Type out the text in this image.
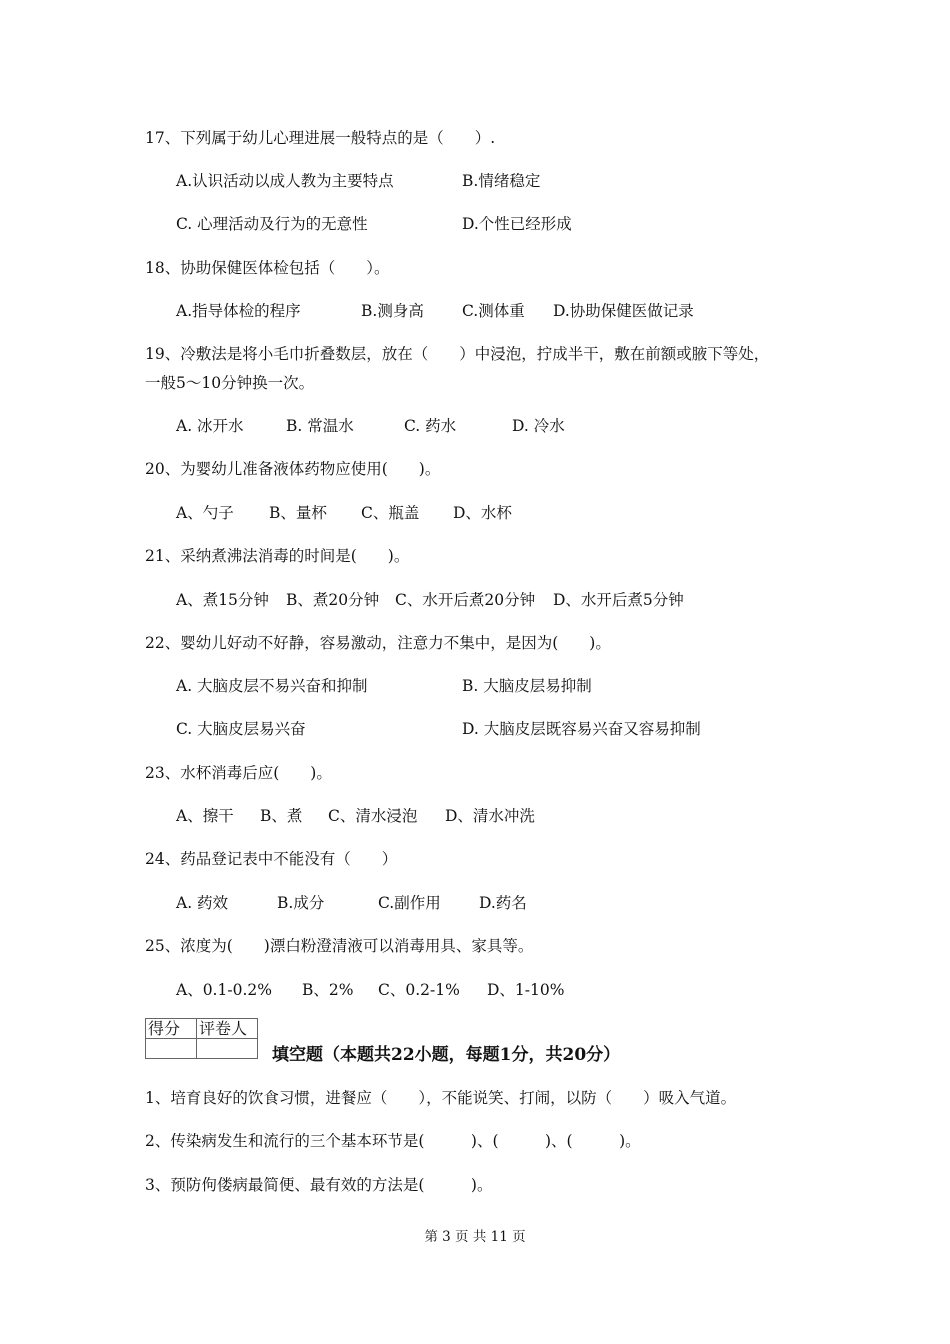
17、下列属于幼儿心理进展一般特点的是（　　）.
A.认识活动以成人教为主要特点	B.情绪稳定
C. 心理活动及行为的无意性	D.个性已经形成
18、协助保健医体检包括（　　）。
A.指导体检的程序	B.测身高 C.测体重 D.协助保健医做记录
19、冷敷法是将小毛巾折叠数层，放在（　　）中浸泡，拧成半干，敷在前额或腋下等处，
一般5～10分钟换一次。
A. 冰开水	B. 常温水	C. 药水	D. 冷水
20、为婴幼儿准备液体药物应使用(　　)。
A、勺子 B、量杯 C、瓶盖 D、水杯
21、采纳煮沸法消毒的时间是(　　)。
A、煮15分钟 B、煮20分钟 C、水开后煮20分钟 D、水开后煮5分钟
22、婴幼儿好动不好静，容易激动，注意力不集中，是因为(　　)。
A. 大脑皮层不易兴奋和抑制	B. 大脑皮层易抑制
C. 大脑皮层易兴奋	D. 大脑皮层既容易兴奋又容易抑制
23、水杯消毒后应(　　)。
A、擦干 B、煮 C、清水浸泡 D、清水冲洗
24、药品登记表中不能没有（　　）
A. 药效	B.成分	C.副作用 D.药名
25、浓度为(　　)漂白粉澄清液可以消毒用具、家具等。
A、0.1-0.2% B、2% C、0.2-1% D、1-10%
得分	评卷人

填空题（本题共22小题，每题1分，共20分）
1、培育良好的饮食习惯，进餐应（　　），不能说笑、打闹，以防（　　）吸入气道。
2、传染病发生和流行的三个基本环节是(　　　)、(　　　)、(　　　)。
3、预防佝偻病最简便、最有效的方法是(　　　)。
第 3 页 共 11 页
